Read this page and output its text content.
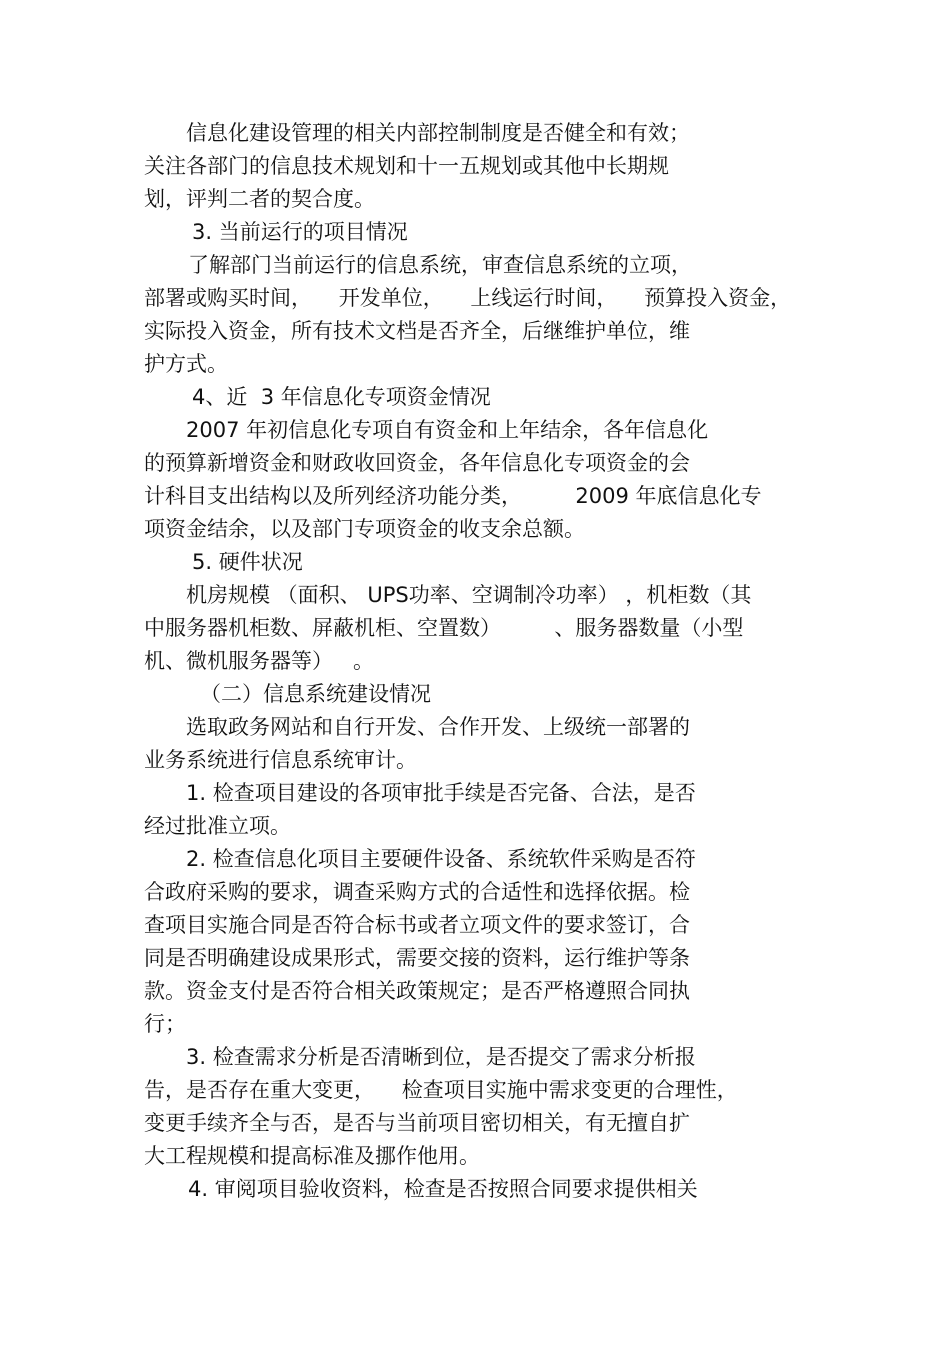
信息化建设管理的相关内部控制制度是否健全和有效；
关注各部门的信息技术规划和十一五规划或其他中长期规
划，评判二者的契合度。
3. 当前运行的项目情况
了解部门当前运行的信息系统，审查信息系统的立项，
部署或购买时间，    开发单位，    上线运行时间，    预算投入资金，
实际投入资金，所有技术文档是否齐全，后继维护单位，维
护方式。
4、近  3 年信息化专项资金情况
2007 年初信息化专项自有资金和上年结余，各年信息化
的预算新增资金和财政收回资金，各年信息化专项资金的会
计科目支出结构以及所列经济功能分类，        2009 年底信息化专
项资金结余，以及部门专项资金的收支余总额。
5. 硬件状况
机房规模 （面积、 UPS功率、空调制冷功率） ，机柜数（其
中服务器机柜数、屏蔽机柜、空置数）        、服务器数量（小型
机、微机服务器等）   。
（二）信息系统建设情况
选取政务网站和自行开发、合作开发、上级统一部署的
业务系统进行信息系统审计。
1. 检查项目建设的各项审批手续是否完备、合法，是否
经过批准立项。
2. 检查信息化项目主要硬件设备、系统软件采购是否符
合政府采购的要求，调查采购方式的合适性和选择依据。检
查项目实施合同是否符合标书或者立项文件的要求签订，合
同是否明确建设成果形式，需要交接的资料，运行维护等条
款。资金支付是否符合相关政策规定；是否严格遵照合同执
行；
3. 检查需求分析是否清晰到位，是否提交了需求分析报
告，是否存在重大变更，    检查项目实施中需求变更的合理性，
变更手续齐全与否，是否与当前项目密切相关，有无擅自扩
大工程规模和提高标准及挪作他用。
4. 审阅项目验收资料，检查是否按照合同要求提供相关
